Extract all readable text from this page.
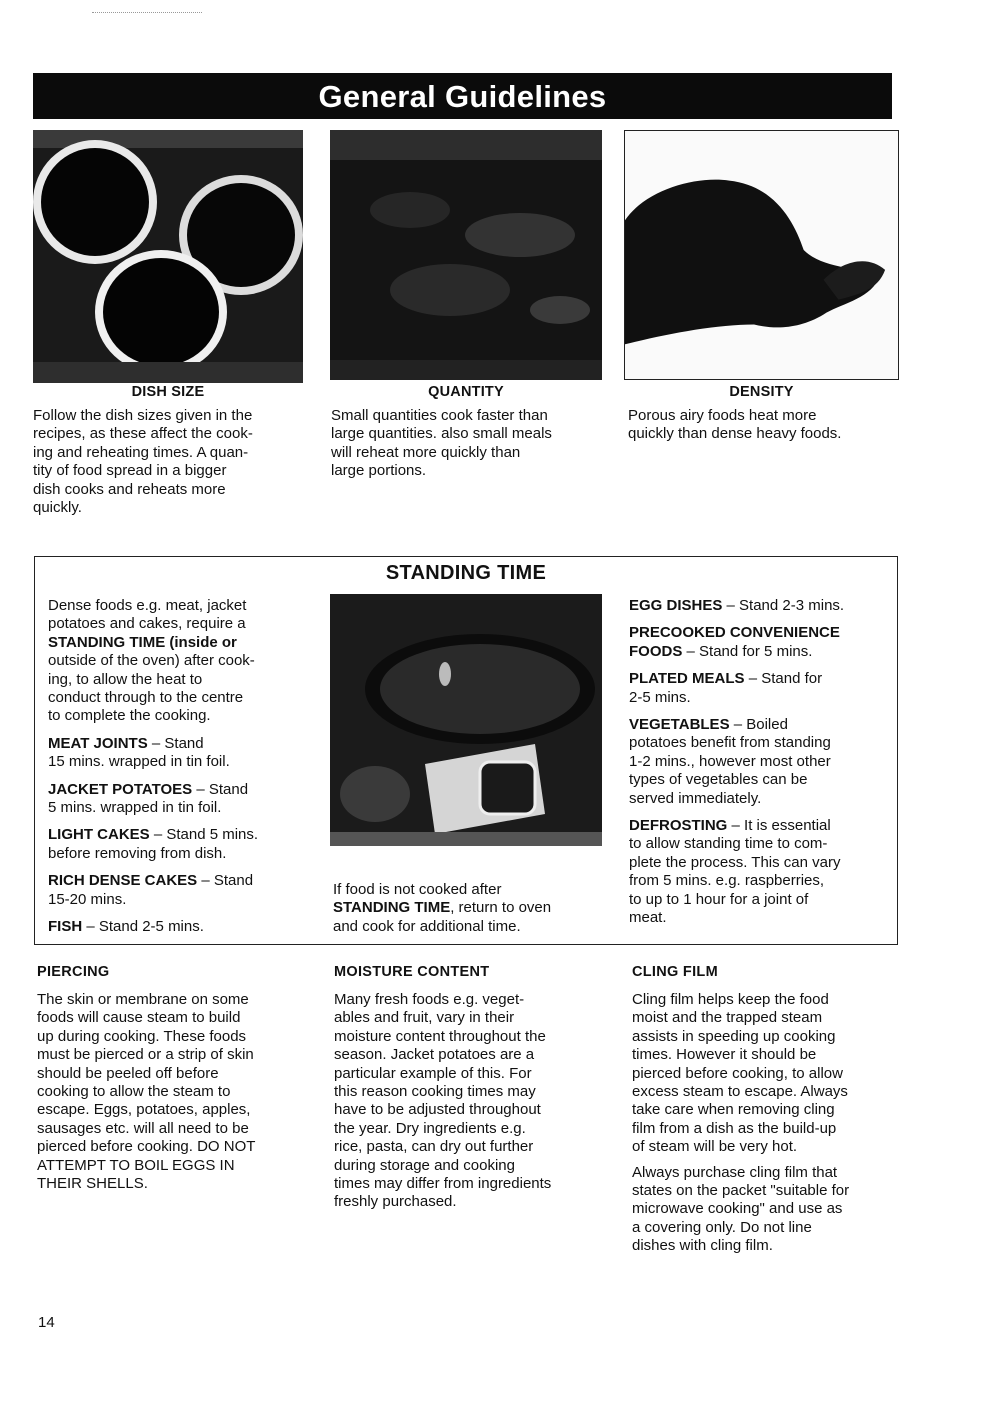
General Guidelines
DISH SIZE
Follow the dish sizes given in the
recipes, as these affect the cook-
ing and reheating times. A quan-
tity of food spread in a bigger
dish cooks and reheats more
quickly.
QUANTITY
Small quantities cook faster than
large quantities. also small meals
will reheat more quickly than
large portions.
DENSITY
Porous airy foods heat more
quickly than dense heavy foods.
STANDING TIME

Dense foods e.g. meat, jacket
potatoes and cakes, require a
STANDING TIME (inside or
outside of the oven) after cook-
ing, to allow the heat to
conduct through to the centre
to complete the cooking.

MEAT JOINTS – Stand
15 mins. wrapped in tin foil.

JACKET POTATOES – Stand
5 mins. wrapped in tin foil.

LIGHT CAKES – Stand 5 mins.
before removing from dish.

RICH DENSE CAKES – Stand
15-20 mins.

FISH – Stand 2-5 mins.

If food is not cooked after
STANDING TIME, return to oven
and cook for additional time.

EGG DISHES – Stand 2-3 mins.

PRECOOKED CONVENIENCE
FOODS – Stand for 5 mins.

PLATED MEALS – Stand for
2-5 mins.

VEGETABLES – Boiled
potatoes benefit from standing
1-2 mins., however most other
types of vegetables can be
served immediately.

DEFROSTING – It is essential
to allow standing time to com-
plete the process. This can vary
from 5 mins. e.g. raspberries,
to up to 1 hour for a joint of
meat.

PIERCING
The skin or membrane on some
foods will cause steam to build
up during cooking. These foods
must be pierced or a strip of skin
should be peeled off before
cooking to allow the steam to
escape. Eggs, potatoes, apples,
sausages etc. will all need to be
pierced before cooking. DO NOT
ATTEMPT TO BOIL EGGS IN
THEIR SHELLS.
MOISTURE CONTENT
Many fresh foods e.g. veget-
ables and fruit, vary in their
moisture content throughout the
season. Jacket potatoes are a
particular example of this. For
this reason cooking times may
have to be adjusted throughout
the year. Dry ingredients e.g.
rice, pasta, can dry out further
during storage and cooking
times may differ from ingredients
freshly purchased.
CLING FILM

Cling film helps keep the food
moist and the trapped steam
assists in speeding up cooking
times. However it should be
pierced before cooking, to allow
excess steam to escape. Always
take care when removing cling
film from a dish as the build-up
of steam will be very hot.

Always purchase cling film that
states on the packet "suitable for
microwave cooking" and use as
a covering only. Do not line
dishes with cling film.

14
